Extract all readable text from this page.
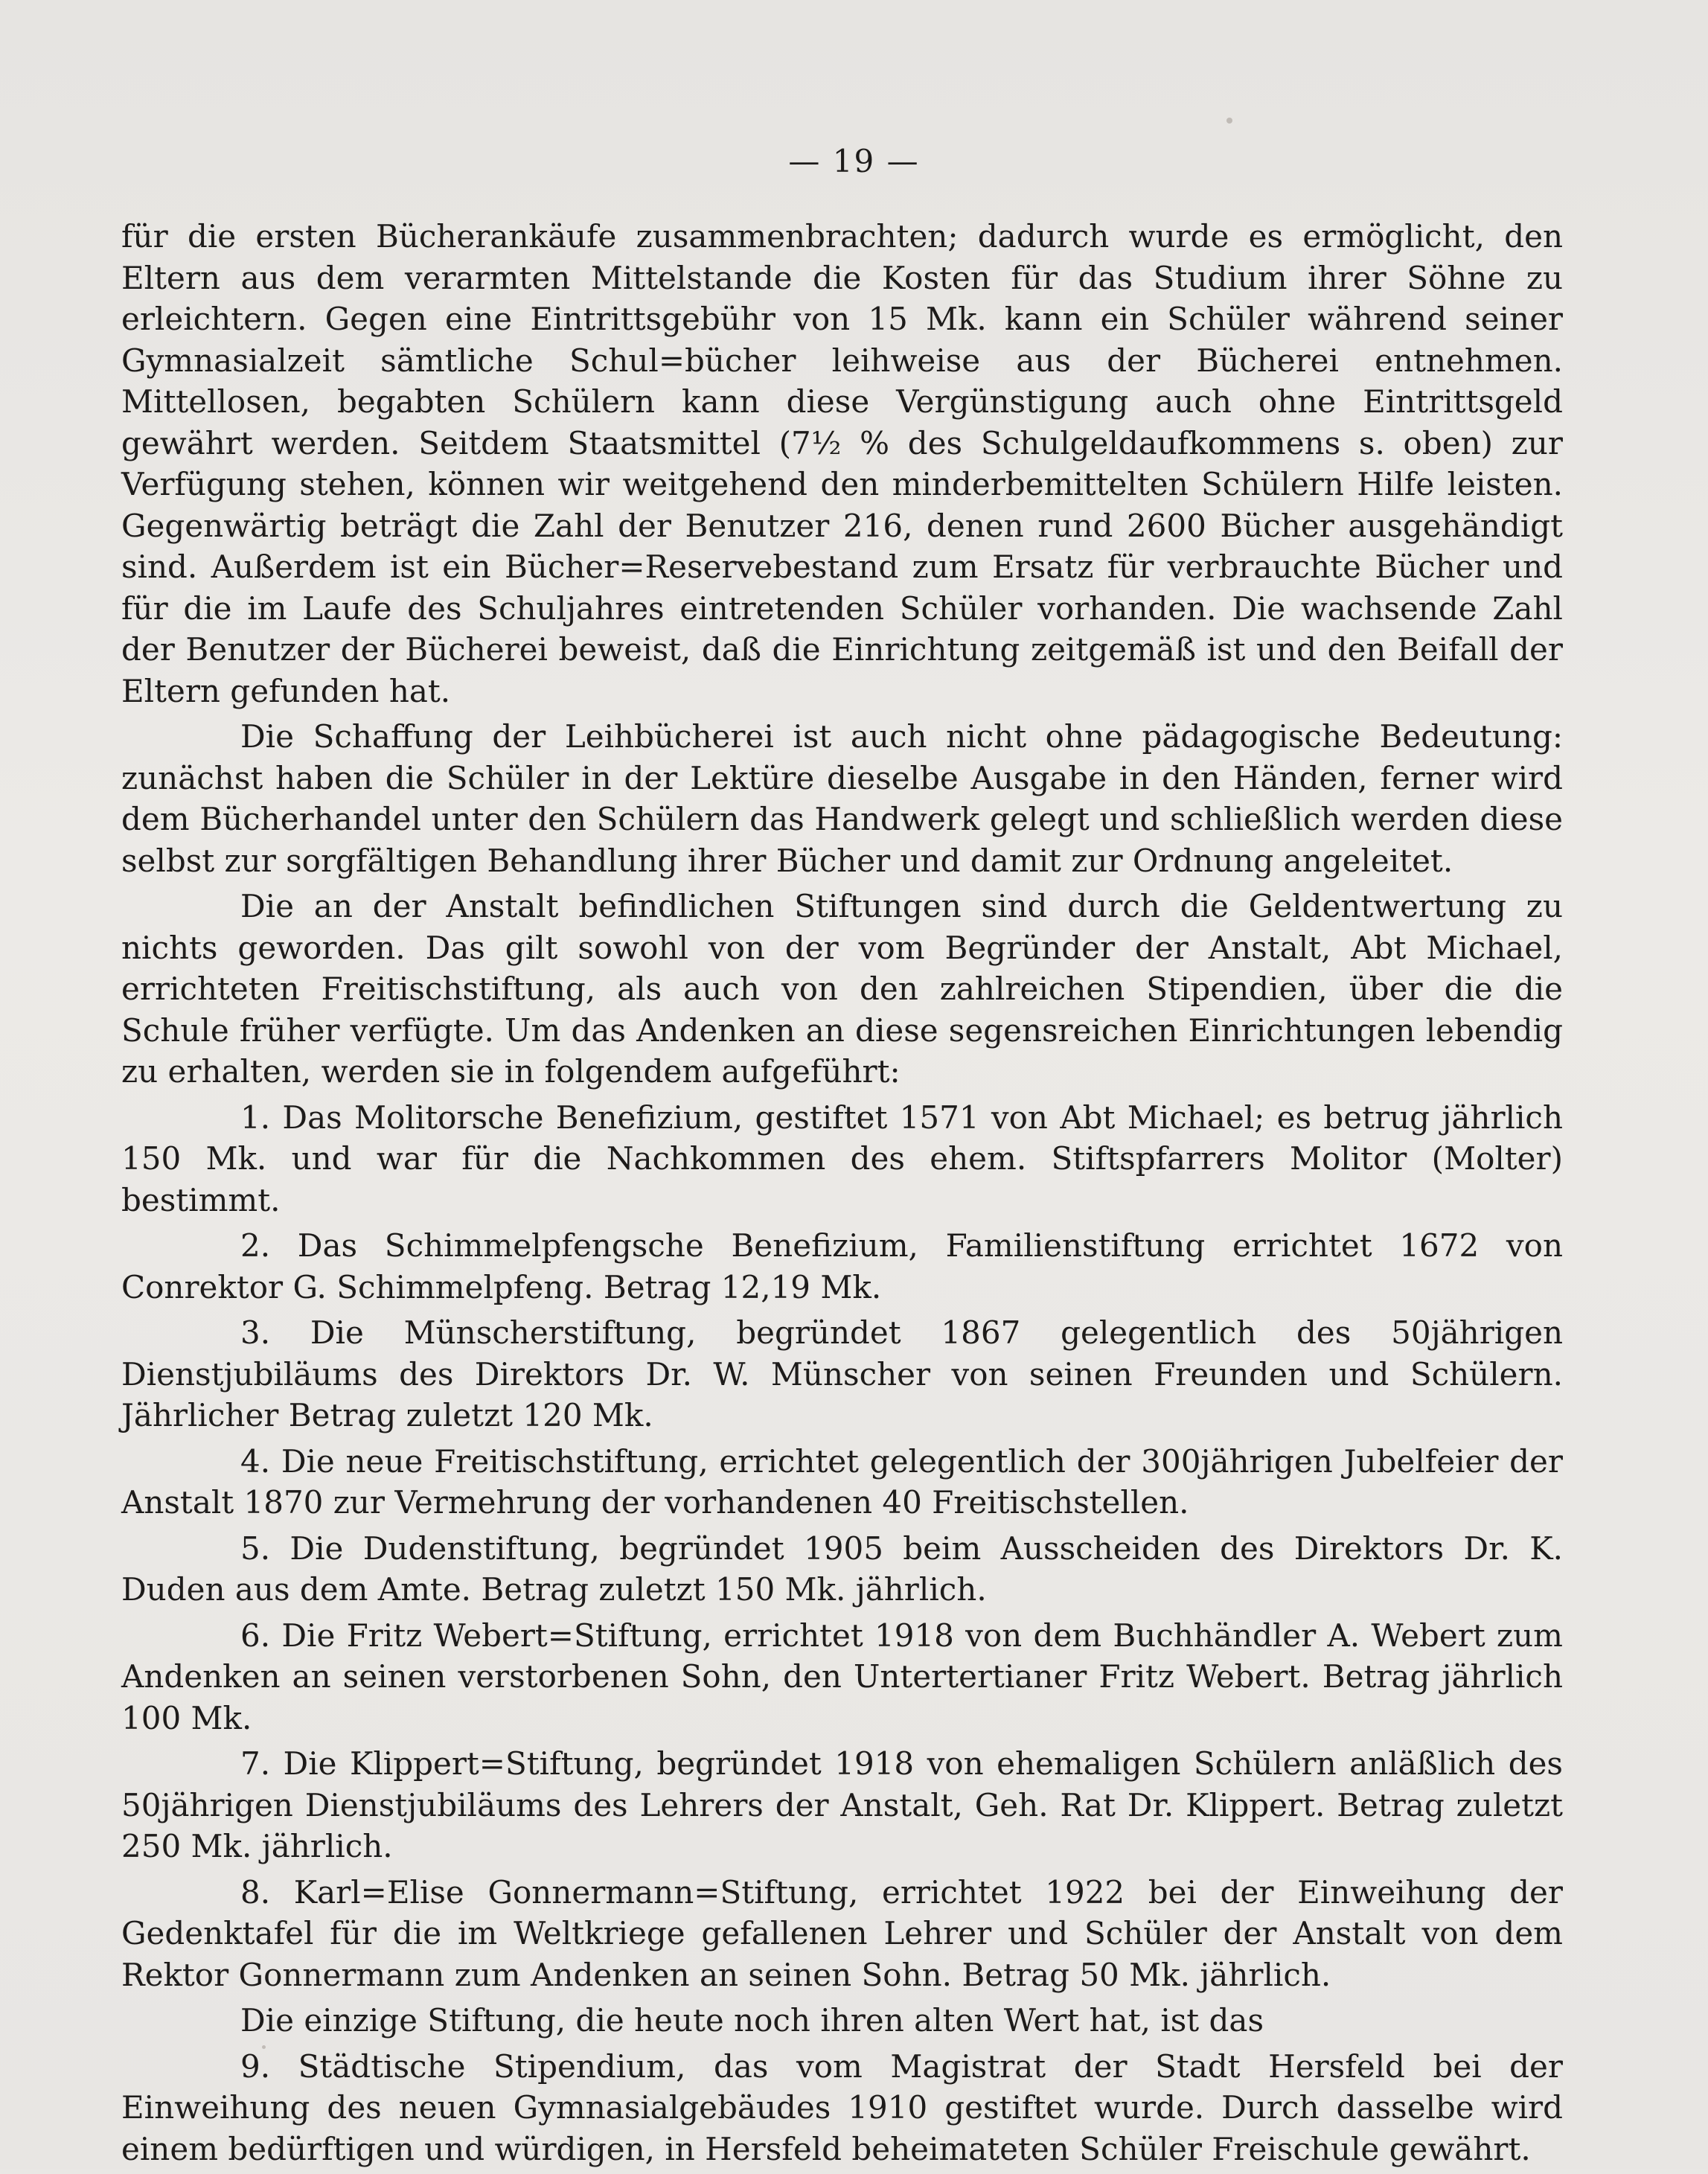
— 19 —

für die ersten Bücherankäufe zusammenbrachten; dadurch wurde es ermöglicht, den Eltern aus dem verarmten Mittelstande die Kosten für das Studium ihrer Söhne zu erleichtern. Gegen eine Eintrittsgebühr von 15 Mk. kann ein Schüler während seiner Gymnasialzeit sämtliche Schul=bücher leihweise aus der Bücherei entnehmen. Mittellosen, begabten Schülern kann diese Vergünstigung auch ohne Eintrittsgeld gewährt werden. Seitdem Staatsmittel (7½ % des Schulgeldaufkommens s. oben) zur Verfügung stehen, können wir weitgehend den minderbemittelten Schülern Hilfe leisten. Gegenwärtig beträgt die Zahl der Benutzer 216, denen rund 2600 Bücher ausgehändigt sind. Außerdem ist ein Bücher=Reservebestand zum Ersatz für verbrauchte Bücher und für die im Laufe des Schuljahres eintretenden Schüler vorhanden. Die wachsende Zahl der Benutzer der Bücherei beweist, daß die Einrichtung zeitgemäß ist und den Beifall der Eltern gefunden hat.

Die Schaffung der Leihbücherei ist auch nicht ohne pädagogische Bedeutung: zunächst haben die Schüler in der Lektüre dieselbe Ausgabe in den Händen, ferner wird dem Bücherhandel unter den Schülern das Handwerk gelegt und schließlich werden diese selbst zur sorgfältigen Behandlung ihrer Bücher und damit zur Ordnung angeleitet.

Die an der Anstalt befindlichen Stiftungen sind durch die Geldentwertung zu nichts geworden. Das gilt sowohl von der vom Begründer der Anstalt, Abt Michael, errichteten Freitischstiftung, als auch von den zahlreichen Stipendien, über die die Schule früher verfügte. Um das Andenken an diese segensreichen Einrichtungen lebendig zu erhalten, werden sie in folgendem aufgeführt:

1. Das Molitorsche Benefizium, gestiftet 1571 von Abt Michael; es betrug jährlich 150 Mk. und war für die Nachkommen des ehem. Stiftspfarrers Molitor (Molter) bestimmt.

2. Das Schimmelpfengsche Benefizium, Familienstiftung errichtet 1672 von Conrektor G. Schimmelpfeng. Betrag 12,19 Mk.

3. Die Münscherstiftung, begründet 1867 gelegentlich des 50jährigen Dienstjubiläums des Direktors Dr. W. Münscher von seinen Freunden und Schülern. Jährlicher Betrag zuletzt 120 Mk.

4. Die neue Freitischstiftung, errichtet gelegentlich der 300jährigen Jubelfeier der Anstalt 1870 zur Vermehrung der vorhandenen 40 Freitischstellen.

5. Die Dudenstiftung, begründet 1905 beim Ausscheiden des Direktors Dr. K. Duden aus dem Amte. Betrag zuletzt 150 Mk. jährlich.

6. Die Fritz Webert=Stiftung, errichtet 1918 von dem Buchhändler A. Webert zum Andenken an seinen verstorbenen Sohn, den Untertertianer Fritz Webert. Betrag jährlich 100 Mk.

7. Die Klippert=Stiftung, begründet 1918 von ehemaligen Schülern anläßlich des 50jährigen Dienstjubiläums des Lehrers der Anstalt, Geh. Rat Dr. Klippert. Betrag zuletzt 250 Mk. jährlich.

8. Karl=Elise Gonnermann=Stiftung, errichtet 1922 bei der Einweihung der Gedenktafel für die im Weltkriege gefallenen Lehrer und Schüler der Anstalt von dem Rektor Gonnermann zum Andenken an seinen Sohn. Betrag 50 Mk. jährlich.

Die einzige Stiftung, die heute noch ihren alten Wert hat, ist das

9. Städtische Stipendium, das vom Magistrat der Stadt Hersfeld bei der Einweihung des neuen Gymnasialgebäudes 1910 gestiftet wurde. Durch dasselbe wird einem bedürftigen und würdigen, in Hersfeld beheimateten Schüler Freischule gewährt.
